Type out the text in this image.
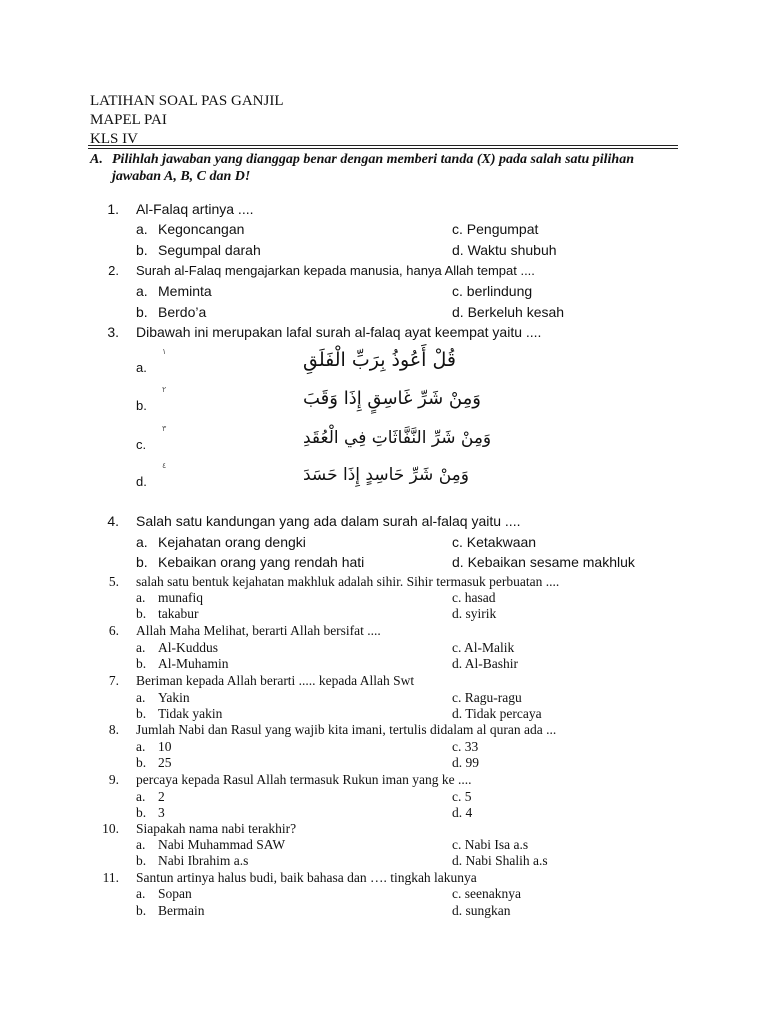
LATIHAN SOAL PAS GANJIL
MAPEL PAI
KLS IV
A. Pilihlah jawaban yang dianggap benar dengan memberi tanda (X) pada salah satu pilihan jawaban A, B, C dan D!
1. Al-Falaq artinya ....
a. Kegoncangan	c. Pengumpat
b. Segumpal darah	d. Waktu shubuh
2. Surah al-Falaq mengajarkan kepada manusia, hanya Allah tempat ....
a. Meminta	c. berlindung
b. Berdo’a	d. Berkeluh kesah
3. Dibawah ini merupakan lafal surah al-falaq ayat keempat yaitu ....
a.	قُلْ أَعُوذُ بِرَبِّ الْفَلَقِ
١
b.	وَمِنْ شَرِّ غَاسِقٍ إِذَا وَقَبَ
٢
c.	وَمِنْ شَرِّ النَّفَّاثَاتِ فِي الْعُقَدِ
٣
d.	وَمِنْ شَرِّ حَاسِدٍ إِذَا حَسَدَ
٤
4. Salah satu kandungan yang ada dalam surah al-falaq yaitu ....
a. Kejahatan orang dengki	c. Ketakwaan
b. Kebaikan orang yang rendah hati	d. Kebaikan sesame makhluk
5. salah satu bentuk kejahatan makhluk adalah sihir. Sihir termasuk perbuatan ....
a. munafiq	c. hasad
b. takabur	d. syirik
6. Allah Maha Melihat, berarti Allah bersifat ....
a. Al-Kuddus	c. Al-Malik
b. Al-Muhamin	d. Al-Bashir
7. Beriman kepada Allah berarti ..... kepada Allah Swt
a. Yakin	c. Ragu-ragu
b. Tidak yakin	d. Tidak percaya
8. Jumlah Nabi dan Rasul yang wajib kita imani, tertulis didalam al quran ada ...
a. 10	c. 33
b. 25	d. 99
9. percaya kepada Rasul Allah termasuk Rukun iman yang ke ....
a. 2	c. 5
b. 3	d. 4
10. Siapakah nama nabi terakhir?
a. Nabi Muhammad SAW	c. Nabi Isa a.s
b. Nabi Ibrahim a.s	d. Nabi Shalih a.s
11. Santun artinya halus budi, baik bahasa dan …. tingkah lakunya
a. Sopan	c. seenaknya
b. Bermain	d. sungkan
